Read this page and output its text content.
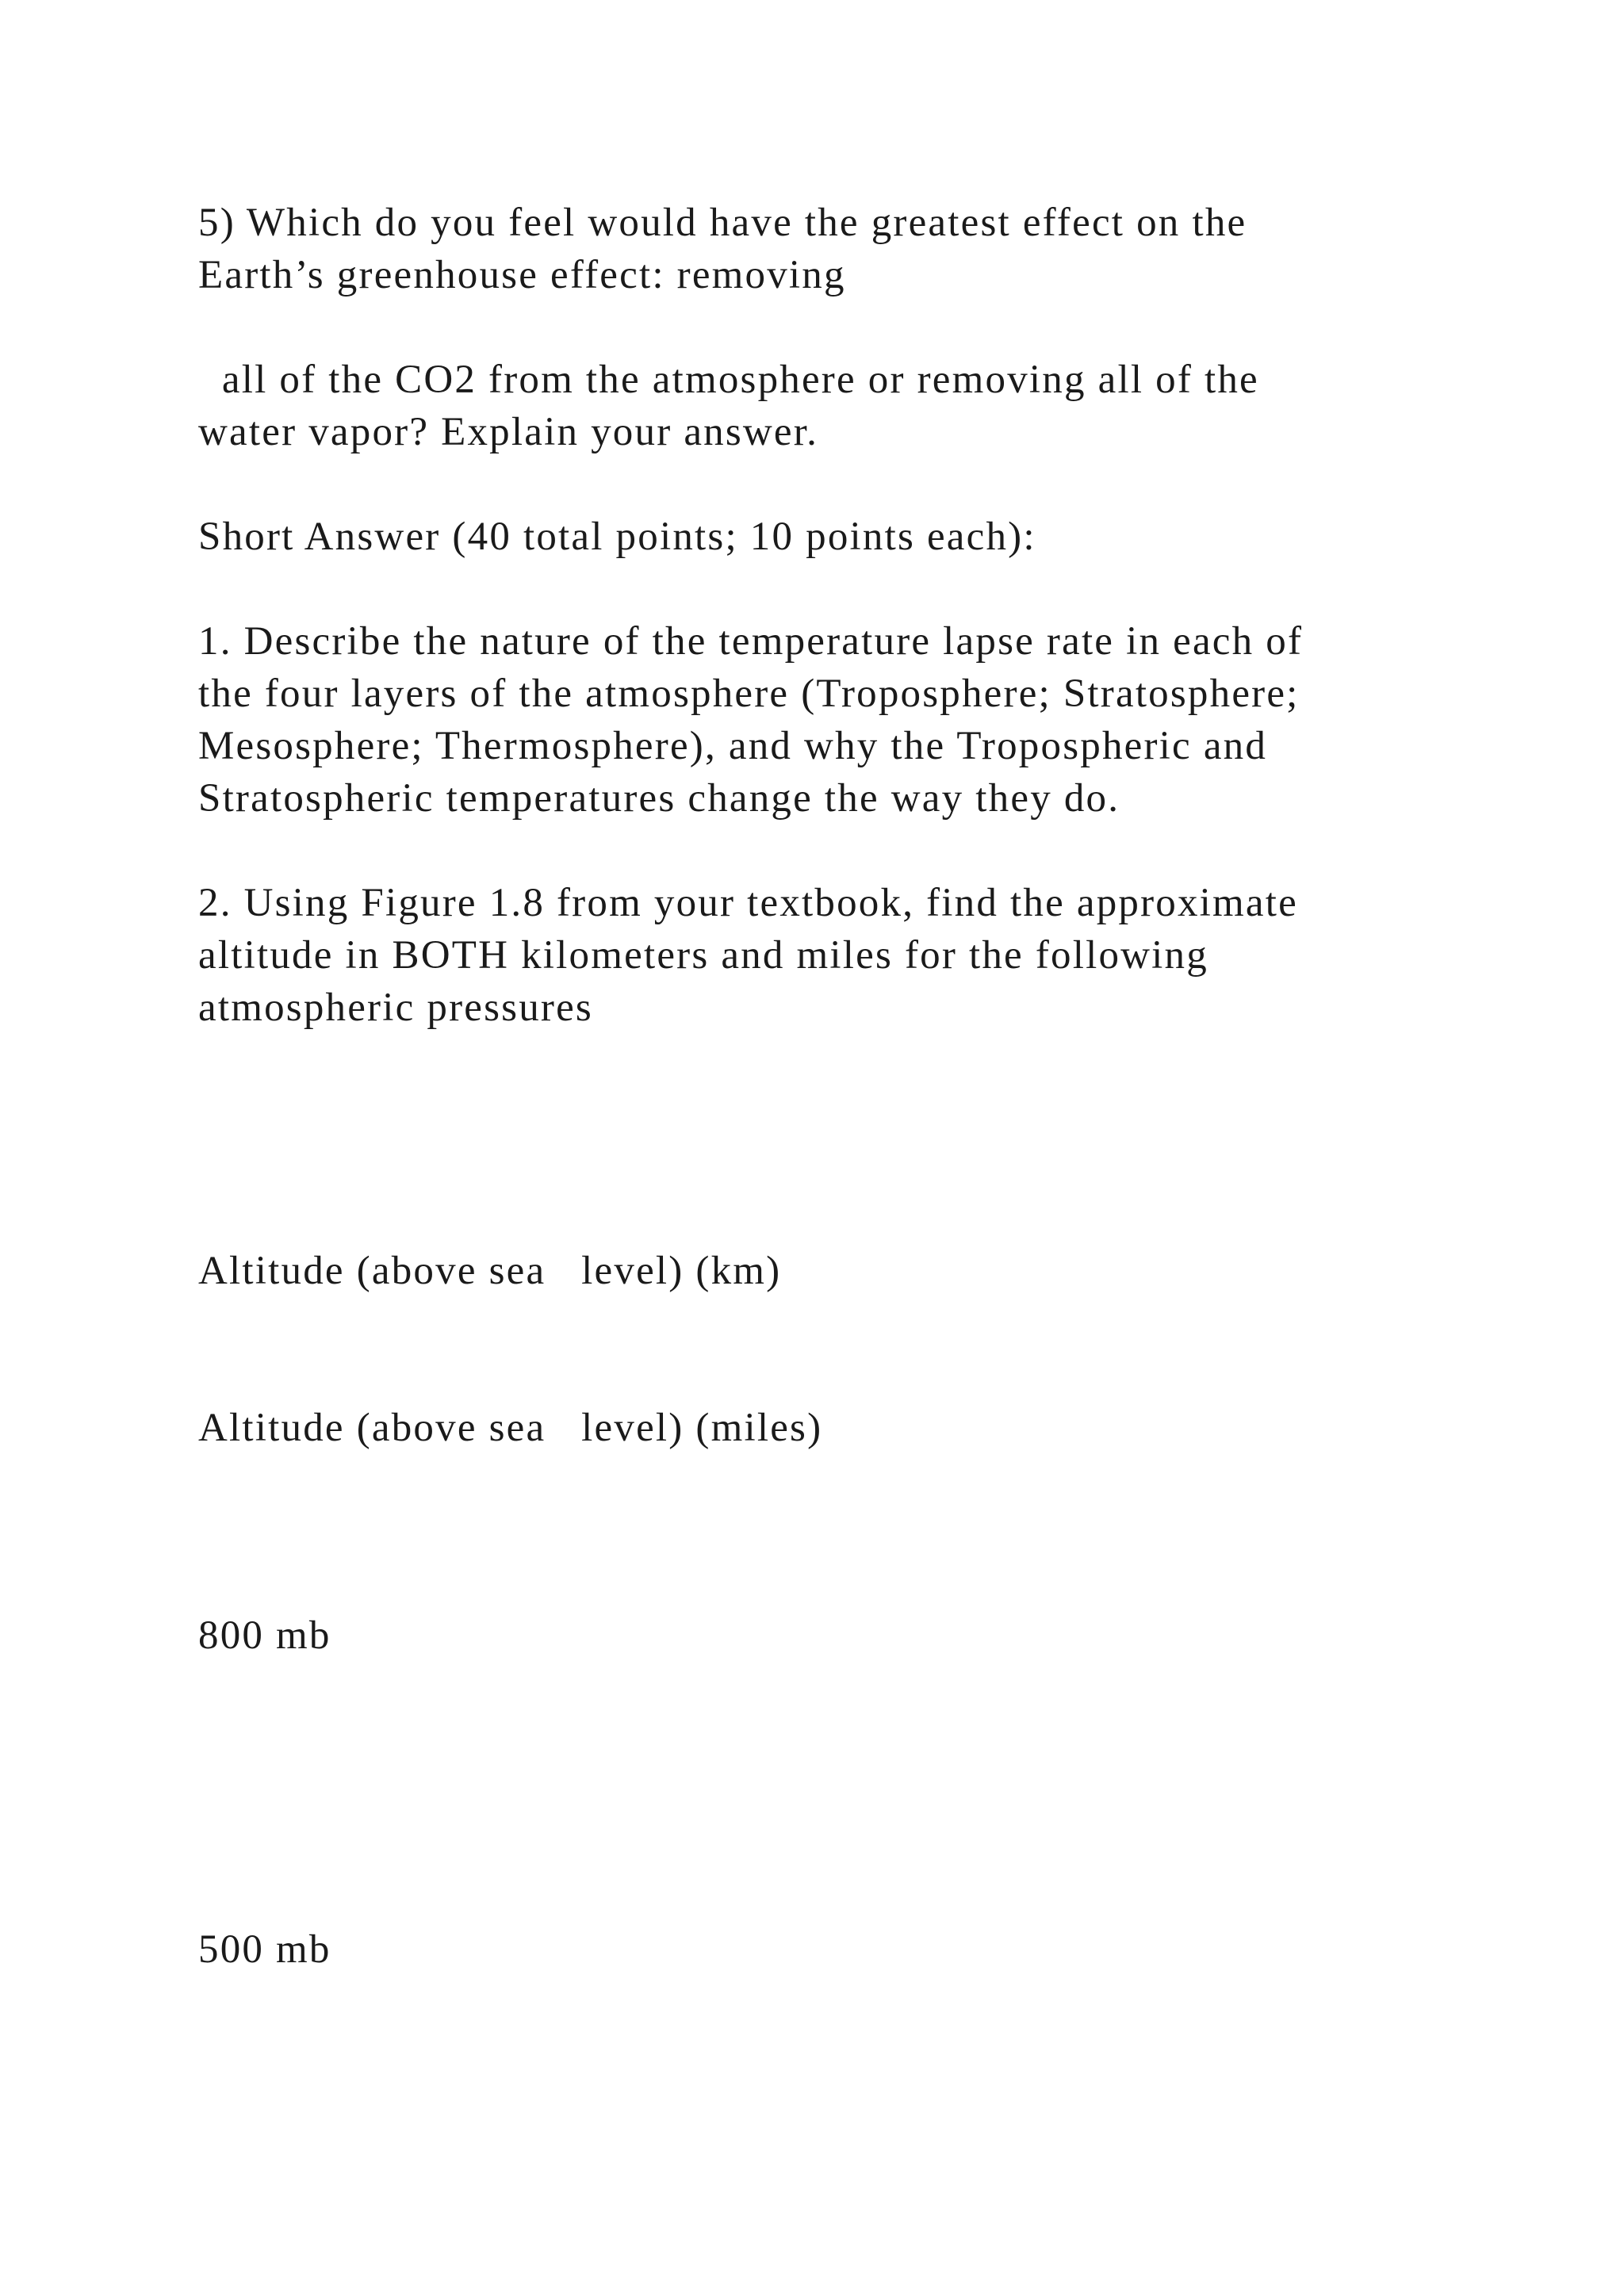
5) Which do you feel would have the greatest effect on the

Earth’s greenhouse effect: removing

all of the CO2 from the atmosphere or removing all of the

water vapor? Explain your answer.

Short Answer (40 total points; 10 points each):

1. Describe the nature of the temperature lapse rate in each of

the four layers of the atmosphere (Troposphere; Stratosphere;

Mesosphere; Thermosphere), and why the Tropospheric and

Stratospheric temperatures change the way they do.

2. Using Figure 1.8 from your textbook, find the approximate

altitude in BOTH kilometers and miles for the following

atmospheric pressures

Altitude (above sea   level) (km)

Altitude (above sea   level) (miles)

800 mb

500 mb
